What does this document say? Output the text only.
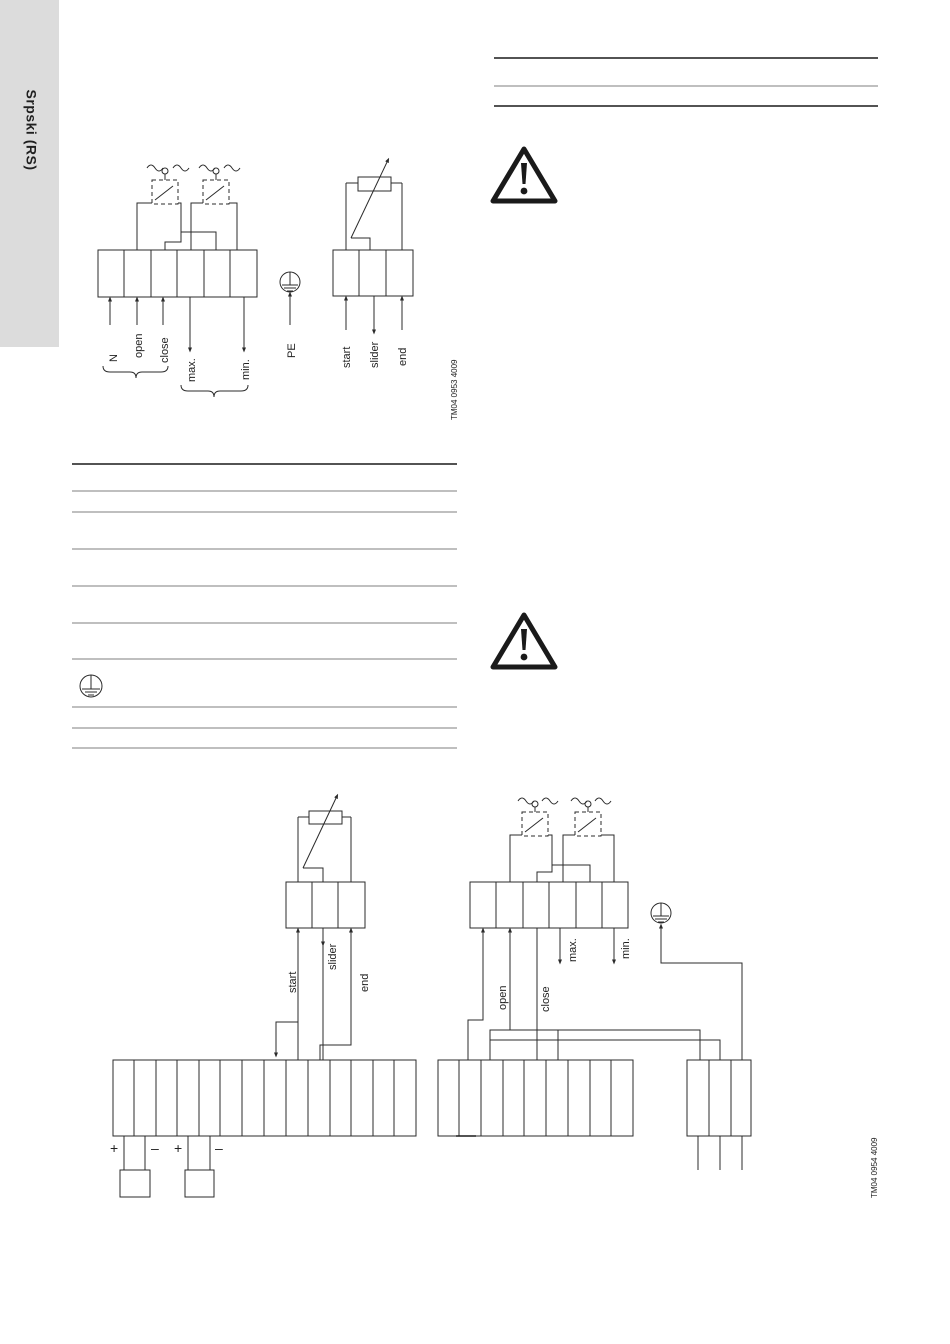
Srpski (RS)
N
open close
max.	min.
PE	start slider end
TM04 0953 4009
start
slider
end
+ – + –
max.	min.
open	close
TM04 0954 4009
